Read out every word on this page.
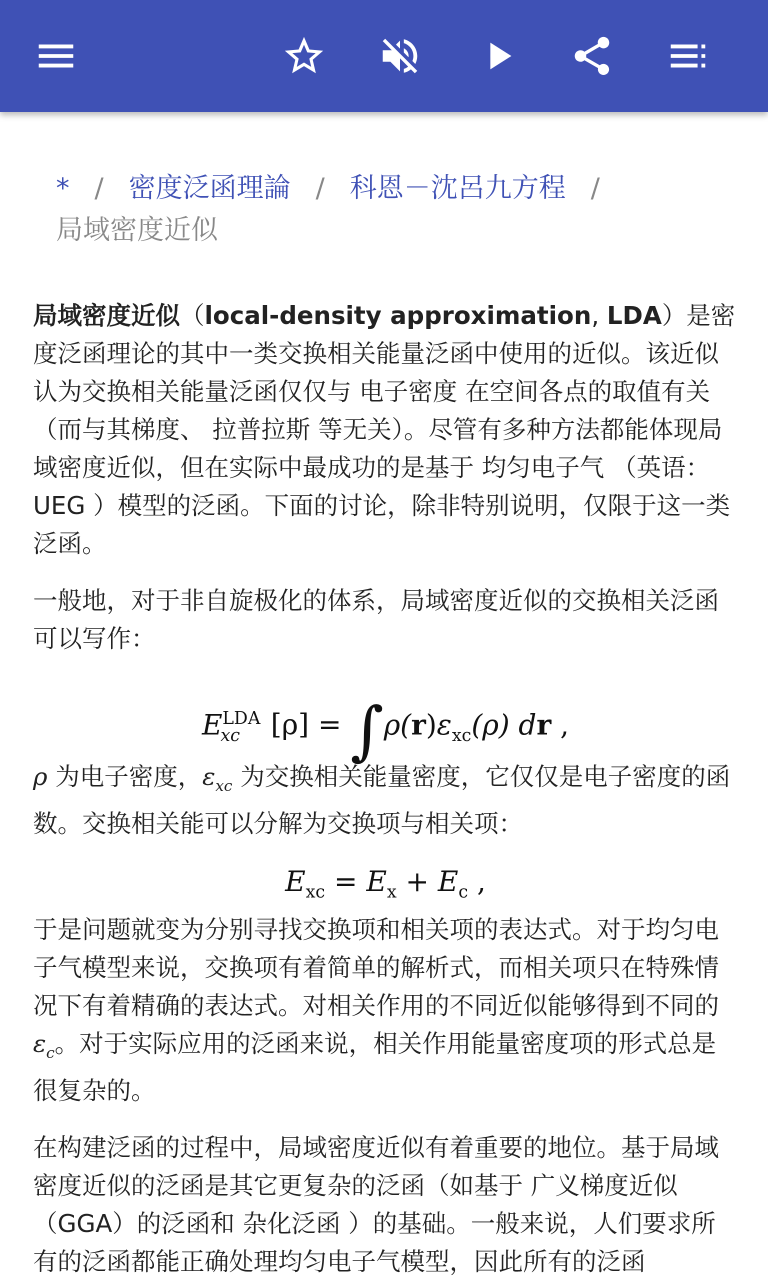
* / 密度泛函理論 / 科恩－沈呂九方程 /
局域密度近似

局域密度近似（local-density approximation, LDA）是密度泛函理论的其中一类交换相关能量泛函中使用的近似。该近似认为交换相关能量泛函仅仅与 电子密度 在空间各点的取值有关（而与其梯度、 拉普拉斯 等无关）。尽管有多种方法都能体现局域密度近似，但在实际中最成功的是基于 均匀电子气 （英语： UEG ）模型的泛函。下面的讨论，除非特别说明，仅限于这一类泛函。

一般地，对于非自旋极化的体系，局域密度近似的交换相关泛函可以写作：

$E^{LDA}_{xc}$ $[\rho] = \int\rho(r)\varepsilon_{xc}(\rho)$ dr ,

ρ 为电子密度，$\varepsilon_{xc}$ 为交换相关能量密度，它仅仅是电子密度的函数。交换相关能可以分解为交换项与相关项：

$E_{xc} = E_x + E_c$ ,

于是问题就变为分别寻找交换项和相关项的表达式。对于均匀电子气模型来说，交换项有着简单的解析式，而相关项只在特殊情况下有着精确的表达式。对相关作用的不同近似能够得到不同的 $\varepsilon_c$。对于实际应用的泛函来说，相关作用能量密度项的形式总是很复杂的。

在构建泛函的过程中，局域密度近似有着重要的地位。基于局域密度近似的泛函是其它更复杂的泛函（如基于 广义梯度近似 （GGA）的泛函和 杂化泛函 ）的基础。一般来说，人们要求所有的泛函都能正确处理均匀电子气模型，因此所有的泛函
